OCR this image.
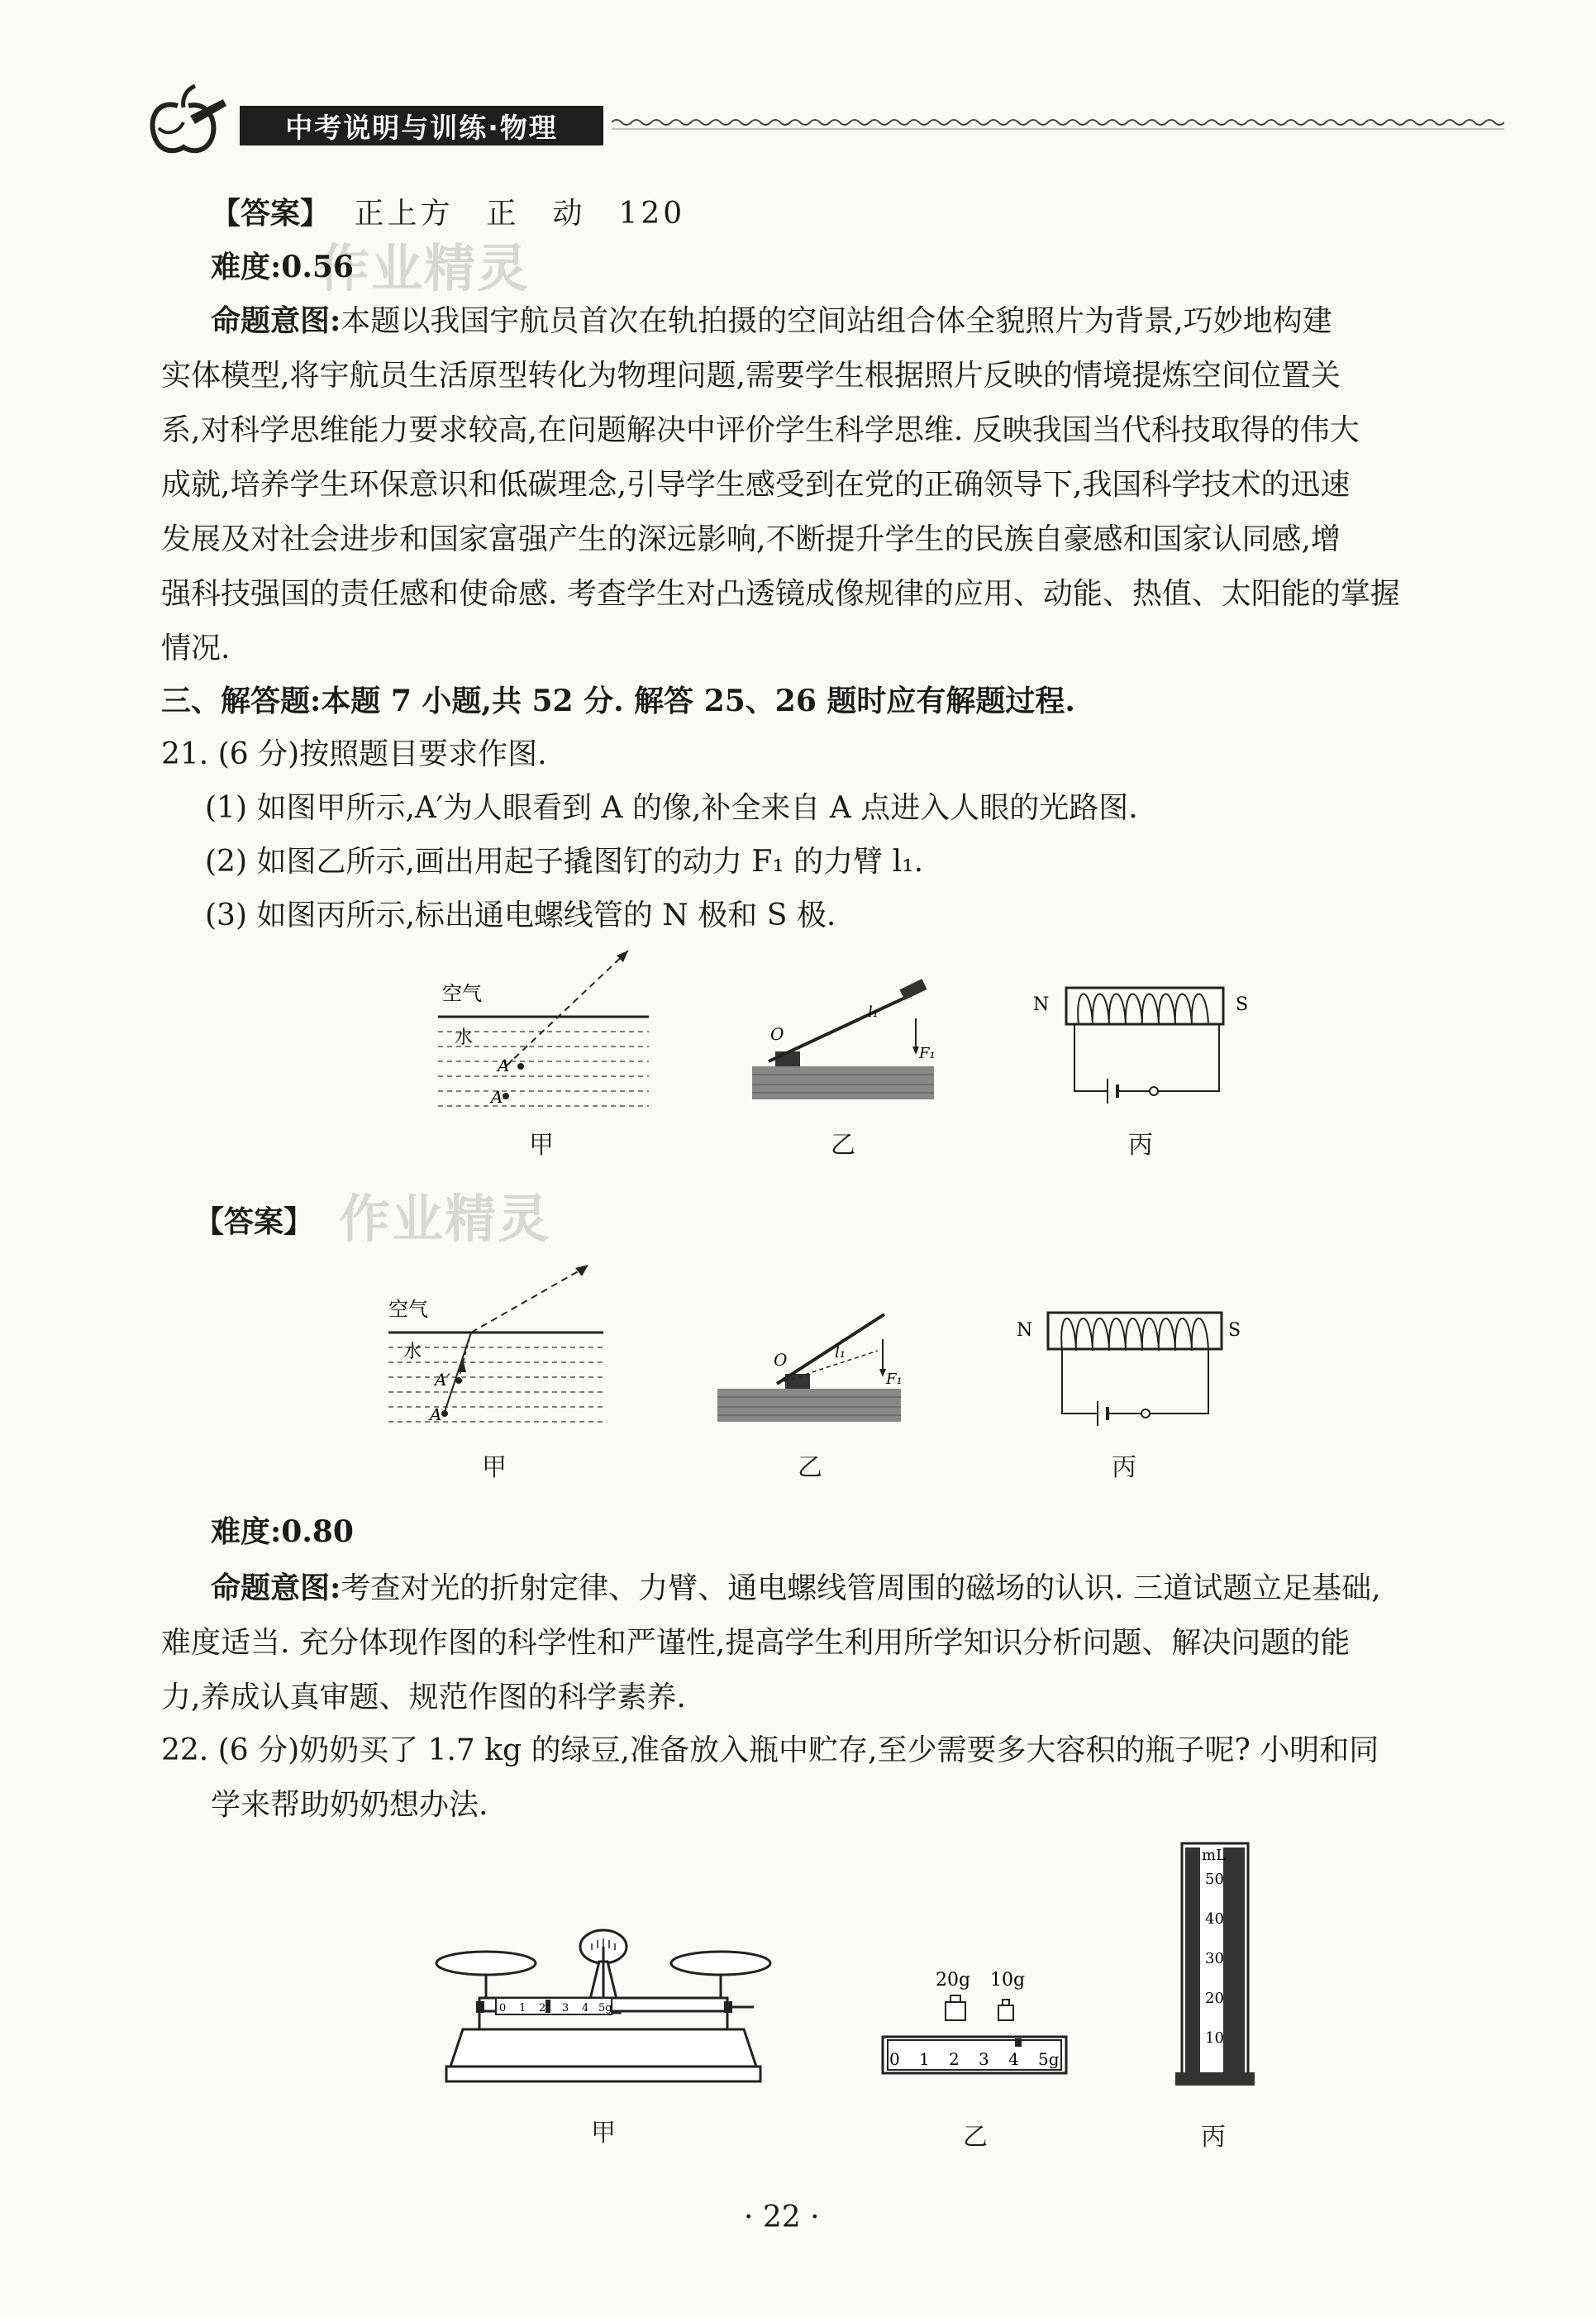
中考说明与训练·物理
【答案】 正上方　正　动　120
作业精灵
难度:0.56
命题意图:本题以我国宇航员首次在轨拍摄的空间站组合体全貌照片为背景,巧妙地构建
实体模型,将宇航员生活原型转化为物理问题,需要学生根据照片反映的情境提炼空间位置关
系,对科学思维能力要求较高,在问题解决中评价学生科学思维. 反映我国当代科技取得的伟大
成就,培养学生环保意识和低碳理念,引导学生感受到在党的正确领导下,我国科学技术的迅速
发展及对社会进步和国家富强产生的深远影响,不断提升学生的民族自豪感和国家认同感,增
强科技强国的责任感和使命感. 考查学生对凸透镜成像规律的应用、动能、热值、太阳能的掌握
情况.
三、解答题:本题 7 小题,共 52 分. 解答 25、26 题时应有解题过程.
21. (6 分)按照题目要求作图.
(1) 如图甲所示,A′为人眼看到 A 的像,补全来自 A 点进入人眼的光路图.
(2) 如图乙所示,画出用起子撬图钉的动力 F₁ 的力臂 l₁.
(3) 如图丙所示,标出通电螺线管的 N 极和 S 极.
空气
水
A′
A
O
l₁
F₁
N	S
甲	乙	丙
【答案】 作业精灵
空气
水
A′
A
O	l₁
F₁
N	S
甲	乙	丙
难度:0.80
命题意图:考查对光的折射定律、力臂、通电螺线管周围的磁场的认识. 三道试题立足基础,
难度适当. 充分体现作图的科学性和严谨性,提高学生利用所学知识分析问题、解决问题的能
力,养成认真审题、规范作图的科学素养.
22. (6 分)奶奶买了 1.7 kg 的绿豆,准备放入瓶中贮存,至少需要多大容积的瓶子呢? 小明和同
学来帮助奶奶想办法.
0 1 2 3 4 5g
20g 10g
0 1 2 3 4 5g
mL
50
40
30
20
10
甲	乙	丙
· 22 ·
